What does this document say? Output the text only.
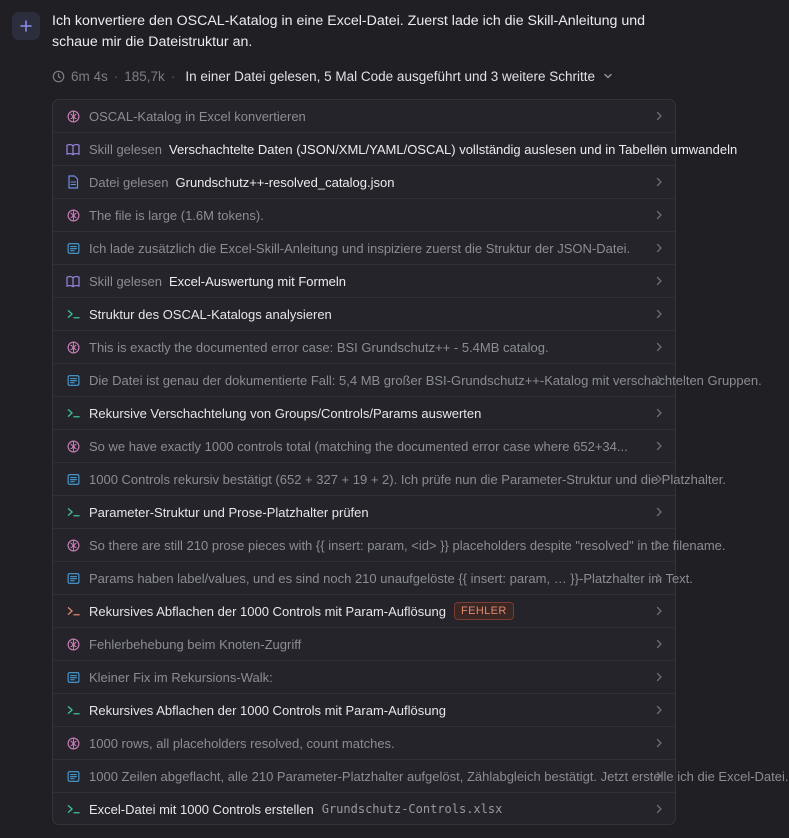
Ich konvertiere den OSCAL-Katalog in eine Excel-Datei. Zuerst lade ich die Skill-Anleitung und schaue mir die Dateistruktur an.
6m 4s · 185,7k · In einer Datei gelesen, 5 Mal Code ausgeführt und 3 weitere Schritte
OSCAL-Katalog in Excel konvertieren
Skill gelesen Verschachtelte Daten (JSON/XML/YAML/OSCAL) vollständig auslesen und in Tabellen umwandeln
Datei gelesen Grundschutz++-resolved_catalog.json
The file is large (1.6M tokens).
Ich lade zusätzlich die Excel-Skill-Anleitung und inspiziere zuerst die Struktur der JSON-Datei.
Skill gelesen Excel-Auswertung mit Formeln
Struktur des OSCAL-Katalogs analysieren
This is exactly the documented error case: BSI Grundschutz++ - 5.4MB catalog.
Die Datei ist genau der dokumentierte Fall: 5,4 MB großer BSI-Grundschutz++-Katalog mit verschachtelten Gruppen.
Rekursive Verschachtelung von Groups/Controls/Params auswerten
So we have exactly 1000 controls total (matching the documented error case where 652+34...
1000 Controls rekursiv bestätigt (652 + 327 + 19 + 2). Ich prüfe nun die Parameter-Struktur und die Platzhalter.
Parameter-Struktur und Prose-Platzhalter prüfen
So there are still 210 prose pieces with {{ insert: param, <id> }} placeholders despite "resolved" in the filename.
Params haben label/values, und es sind noch 210 unaufgelöste {{ insert: param, … }}-Platzhalter im Text.
Rekursives Abflachen der 1000 Controls mit Param-Auflösung	FEHLER
Fehlerbehebung beim Knoten-Zugriff
Kleiner Fix im Rekursions-Walk:
Rekursives Abflachen der 1000 Controls mit Param-Auflösung
1000 rows, all placeholders resolved, count matches.
1000 Zeilen abgeflacht, alle 210 Parameter-Platzhalter aufgelöst, Zählabgleich bestätigt. Jetzt erstelle ich die Excel-Datei.
Excel-Datei mit 1000 Controls erstellen Grundschutz-Controls.xlsx
